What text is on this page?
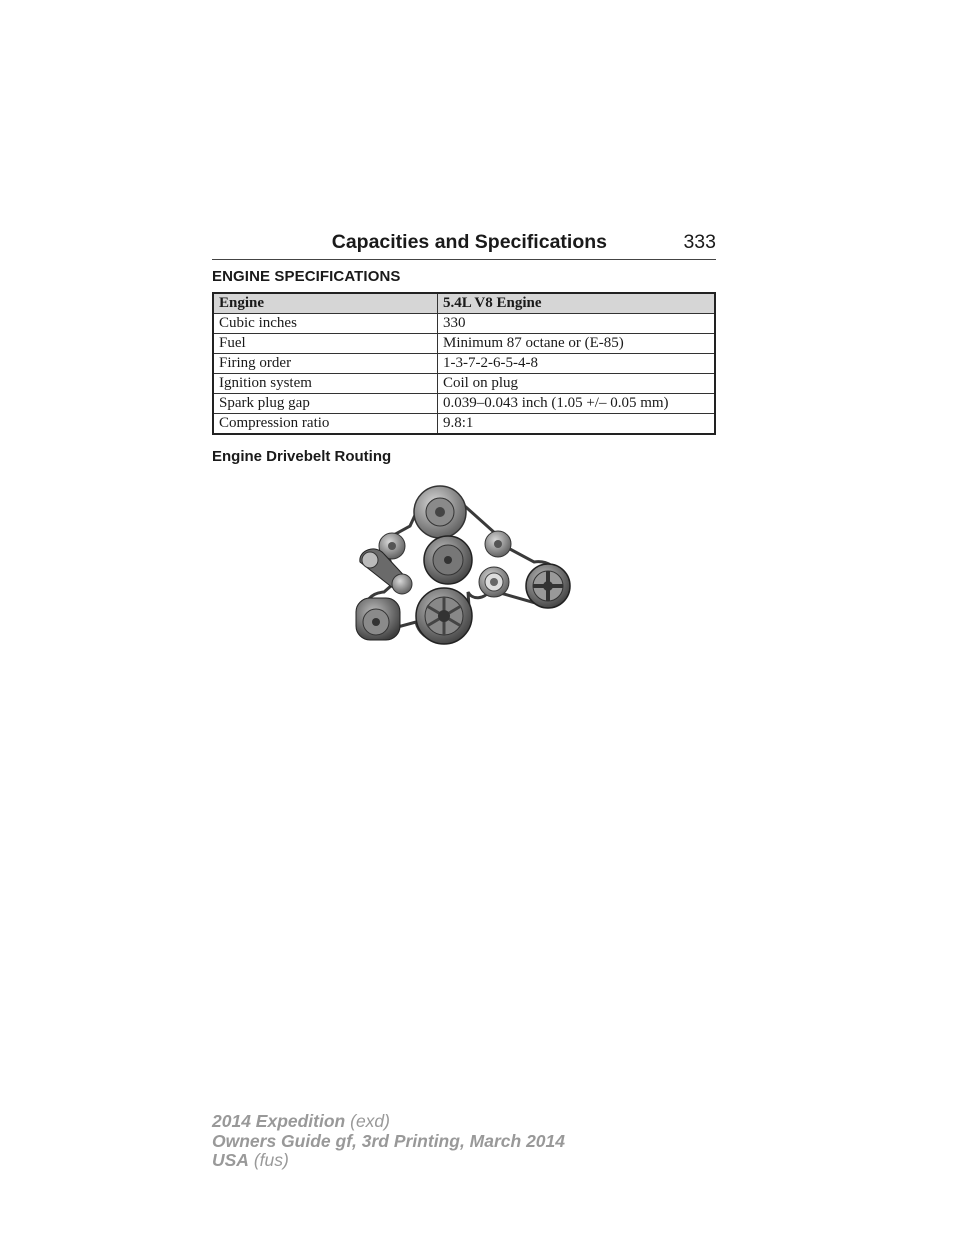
Capacities and Specifications	333
ENGINE SPECIFICATIONS
Engine	5.4L V8 Engine
Cubic inches	330
Fuel	Minimum 87 octane or (E-85)
Firing order	1-3-7-2-6-5-4-8
Ignition system	Coil on plug
Spark plug gap	0.039–0.043 inch (1.05 +/– 0.05 mm)
Compression ratio	9.8:1
Engine Drivebelt Routing
2014 Expedition (exd)
Owners Guide gf, 3rd Printing, March 2014
USA (fus)
